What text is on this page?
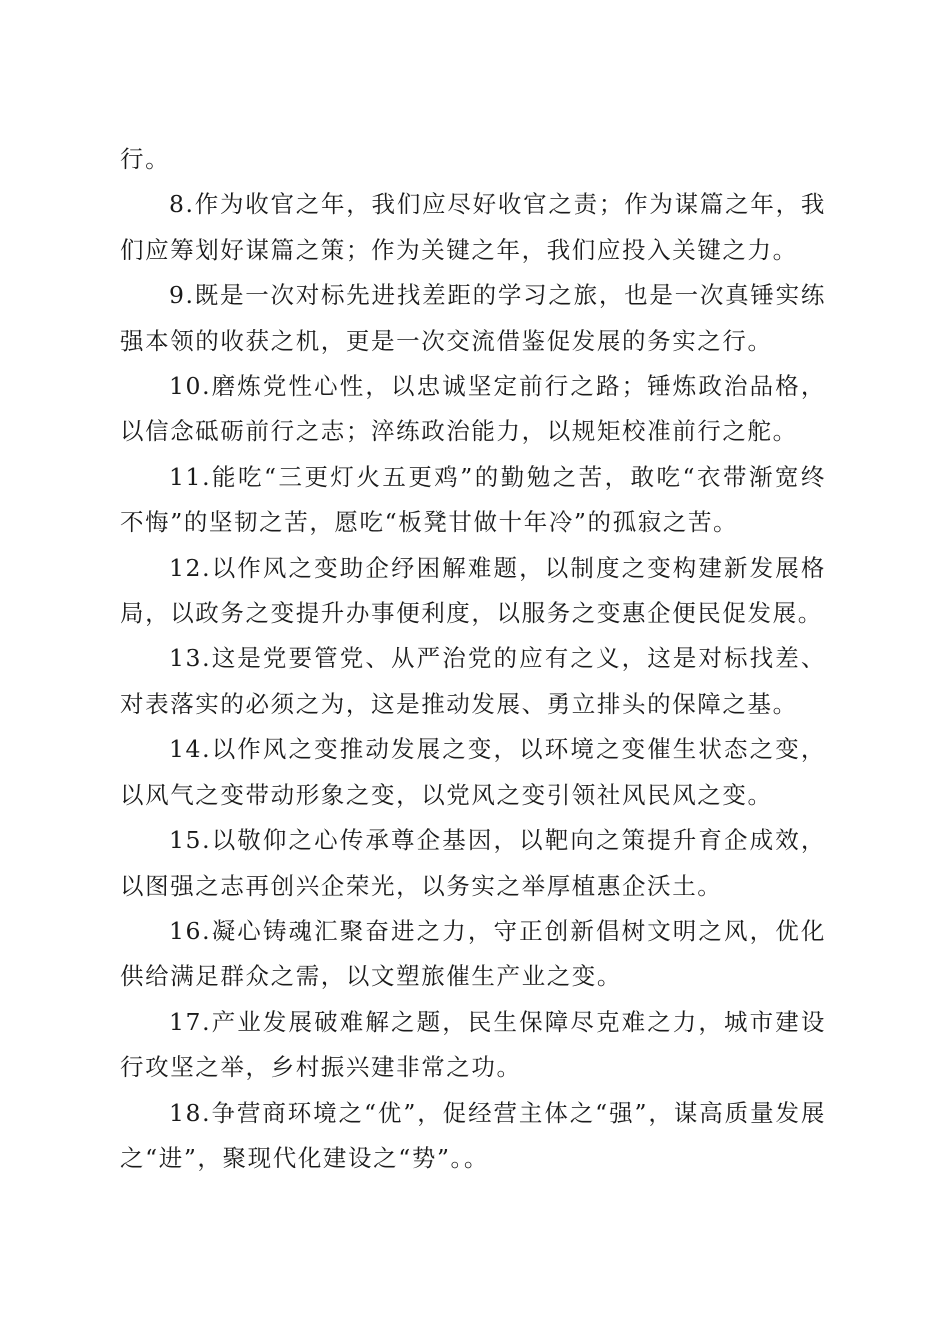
行。

8.作为收官之年，我们应尽好收官之责；作为谋篇之年，我们应筹划好谋篇之策；作为关键之年，我们应投入关键之力。

9.既是一次对标先进找差距的学习之旅，也是一次真锤实练强本领的收获之机，更是一次交流借鉴促发展的务实之行。

10.磨炼党性心性，以忠诚坚定前行之路；锤炼政治品格，以信念砥砺前行之志；淬练政治能力，以规矩校准前行之舵。

11.能吃“三更灯火五更鸡”的勤勉之苦，敢吃“衣带渐宽终不悔”的坚韧之苦，愿吃“板凳甘做十年冷”的孤寂之苦。

12.以作风之变助企纾困解难题，以制度之变构建新发展格局，以政务之变提升办事便利度，以服务之变惠企便民促发展。

13.这是党要管党、从严治党的应有之义，这是对标找差、对表落实的必须之为，这是推动发展、勇立排头的保障之基。

14.以作风之变推动发展之变，以环境之变催生状态之变，以风气之变带动形象之变，以党风之变引领社风民风之变。

15.以敬仰之心传承尊企基因，以靶向之策提升育企成效，以图强之志再创兴企荣光，以务实之举厚植惠企沃土。

16.凝心铸魂汇聚奋进之力，守正创新倡树文明之风，优化供给满足群众之需，以文塑旅催生产业之变。

17.产业发展破难解之题，民生保障尽克难之力，城市建设行攻坚之举，乡村振兴建非常之功。

18.争营商环境之“优”，促经营主体之“强”，谋高质量发展之“进”，聚现代化建设之“势”。。
